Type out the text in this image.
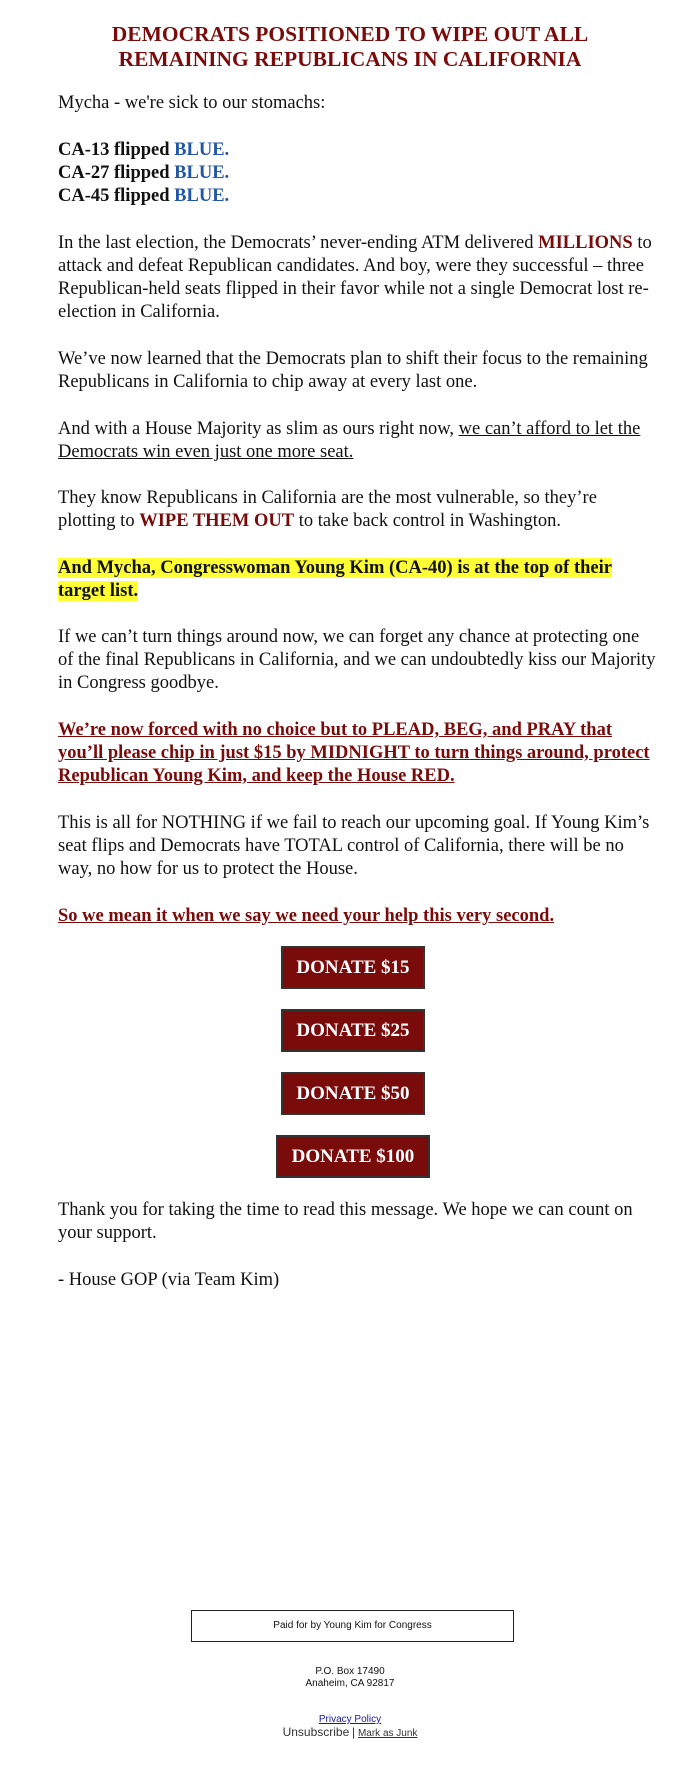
DEMOCRATS POSITIONED TO WIPE OUT ALL REMAINING REPUBLICANS IN CALIFORNIA

Mycha - we're sick to our stomachs:

CA-13 flipped BLUE.
CA-27 flipped BLUE.
CA-45 flipped BLUE.

In the last election, the Democrats’ never-ending ATM delivered MILLIONS to attack and defeat Republican candidates. And boy, were they successful – three Republican-held seats flipped in their favor while not a single Democrat lost re-election in California.

We’ve now learned that the Democrats plan to shift their focus to the remaining Republicans in California to chip away at every last one.

And with a House Majority as slim as ours right now, we can’t afford to let the Democrats win even just one more seat.

They know Republicans in California are the most vulnerable, so they’re plotting to WIPE THEM OUT to take back control in Washington.

And Mycha, Congresswoman Young Kim (CA-40) is at the top of their target list.

If we can’t turn things around now, we can forget any chance at protecting one of the final Republicans in California, and we can undoubtedly kiss our Majority in Congress goodbye.

We’re now forced with no choice but to PLEAD, BEG, and PRAY that you’ll please chip in just $15 by MIDNIGHT to turn things around, protect Republican Young Kim, and keep the House RED.

This is all for NOTHING if we fail to reach our upcoming goal. If Young Kim’s seat flips and Democrats have TOTAL control of California, there will be no way, no how for us to protect the House.

So we mean it when we say we need your help this very second.

DONATE $15
DONATE $25
DONATE $50
DONATE $100

Thank you for taking the time to read this message. We hope we can count on your support.

- House GOP (via Team Kim)

Paid for by Young Kim for Congress
P.O. Box 17490
Anaheim, CA 92817
Privacy Policy
Unsubscribe | Mark as Junk
